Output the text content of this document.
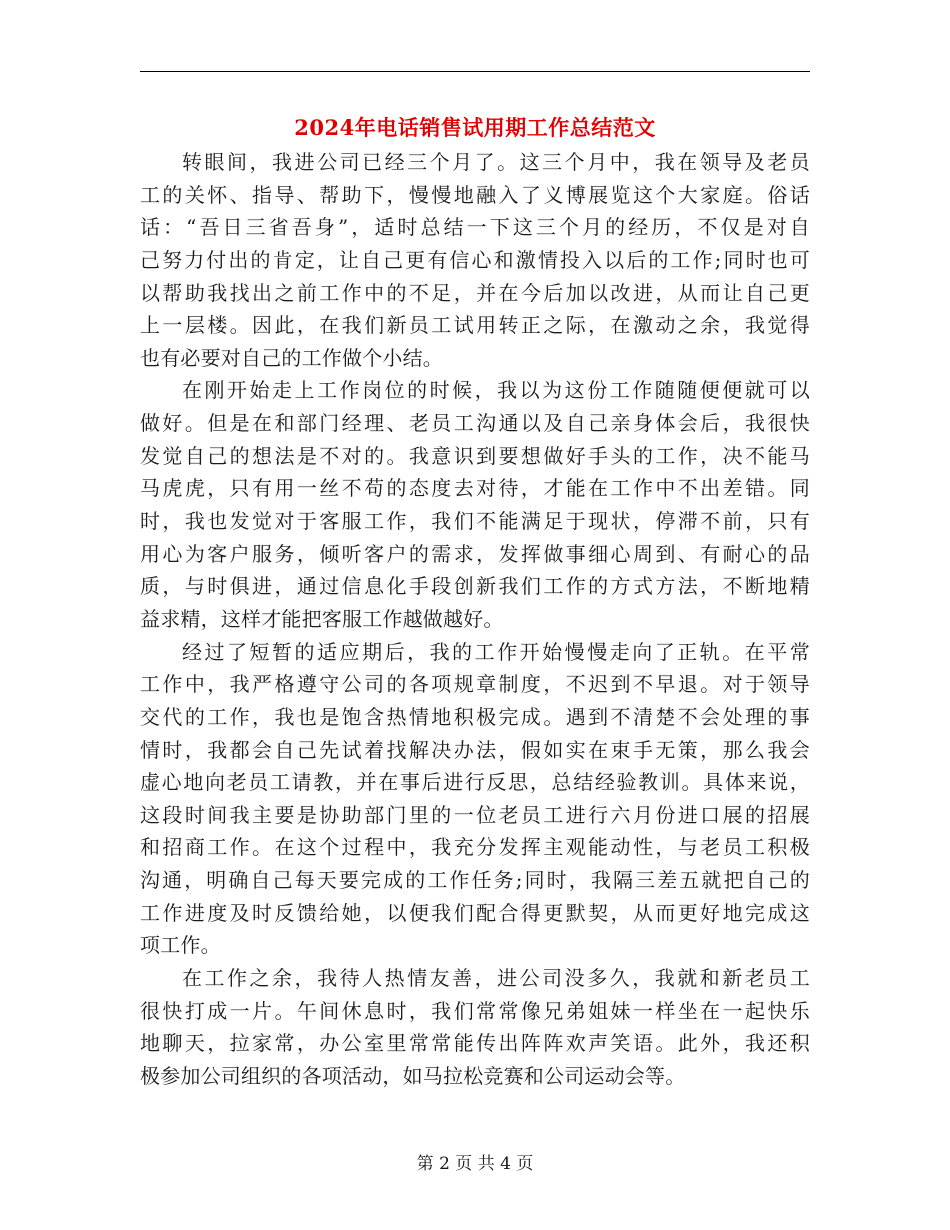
2024年电话销售试用期工作总结范文
转眼间，我进公司已经三个月了。这三个月中，我在领导及老员
工的关怀、指导、帮助下，慢慢地融入了义博展览这个大家庭。俗话
话：“吾日三省吾身”，适时总结一下这三个月的经历，不仅是对自
己努力付出的肯定，让自己更有信心和激情投入以后的工作;同时也可
以帮助我找出之前工作中的不足，并在今后加以改进，从而让自己更
上一层楼。因此，在我们新员工试用转正之际，在激动之余，我觉得
也有必要对自己的工作做个小结。
在刚开始走上工作岗位的时候，我以为这份工作随随便便就可以
做好。但是在和部门经理、老员工沟通以及自己亲身体会后，我很快
发觉自己的想法是不对的。我意识到要想做好手头的工作，决不能马
马虎虎，只有用一丝不苟的态度去对待，才能在工作中不出差错。同
时，我也发觉对于客服工作，我们不能满足于现状，停滞不前，只有
用心为客户服务，倾听客户的需求，发挥做事细心周到、有耐心的品
质，与时俱进，通过信息化手段创新我们工作的方式方法，不断地精
益求精，这样才能把客服工作越做越好。
经过了短暂的适应期后，我的工作开始慢慢走向了正轨。在平常
工作中，我严格遵守公司的各项规章制度，不迟到不早退。对于领导
交代的工作，我也是饱含热情地积极完成。遇到不清楚不会处理的事
情时，我都会自己先试着找解决办法，假如实在束手无策，那么我会
虚心地向老员工请教，并在事后进行反思，总结经验教训。具体来说，
这段时间我主要是协助部门里的一位老员工进行六月份进口展的招展
和招商工作。在这个过程中，我充分发挥主观能动性，与老员工积极
沟通，明确自己每天要完成的工作任务;同时，我隔三差五就把自己的
工作进度及时反馈给她，以便我们配合得更默契，从而更好地完成这
项工作。
在工作之余，我待人热情友善，进公司没多久，我就和新老员工
很快打成一片。午间休息时，我们常常像兄弟姐妹一样坐在一起快乐
地聊天，拉家常，办公室里常常能传出阵阵欢声笑语。此外，我还积
极参加公司组织的各项活动，如马拉松竞赛和公司运动会等。
第 2 页 共 4 页
